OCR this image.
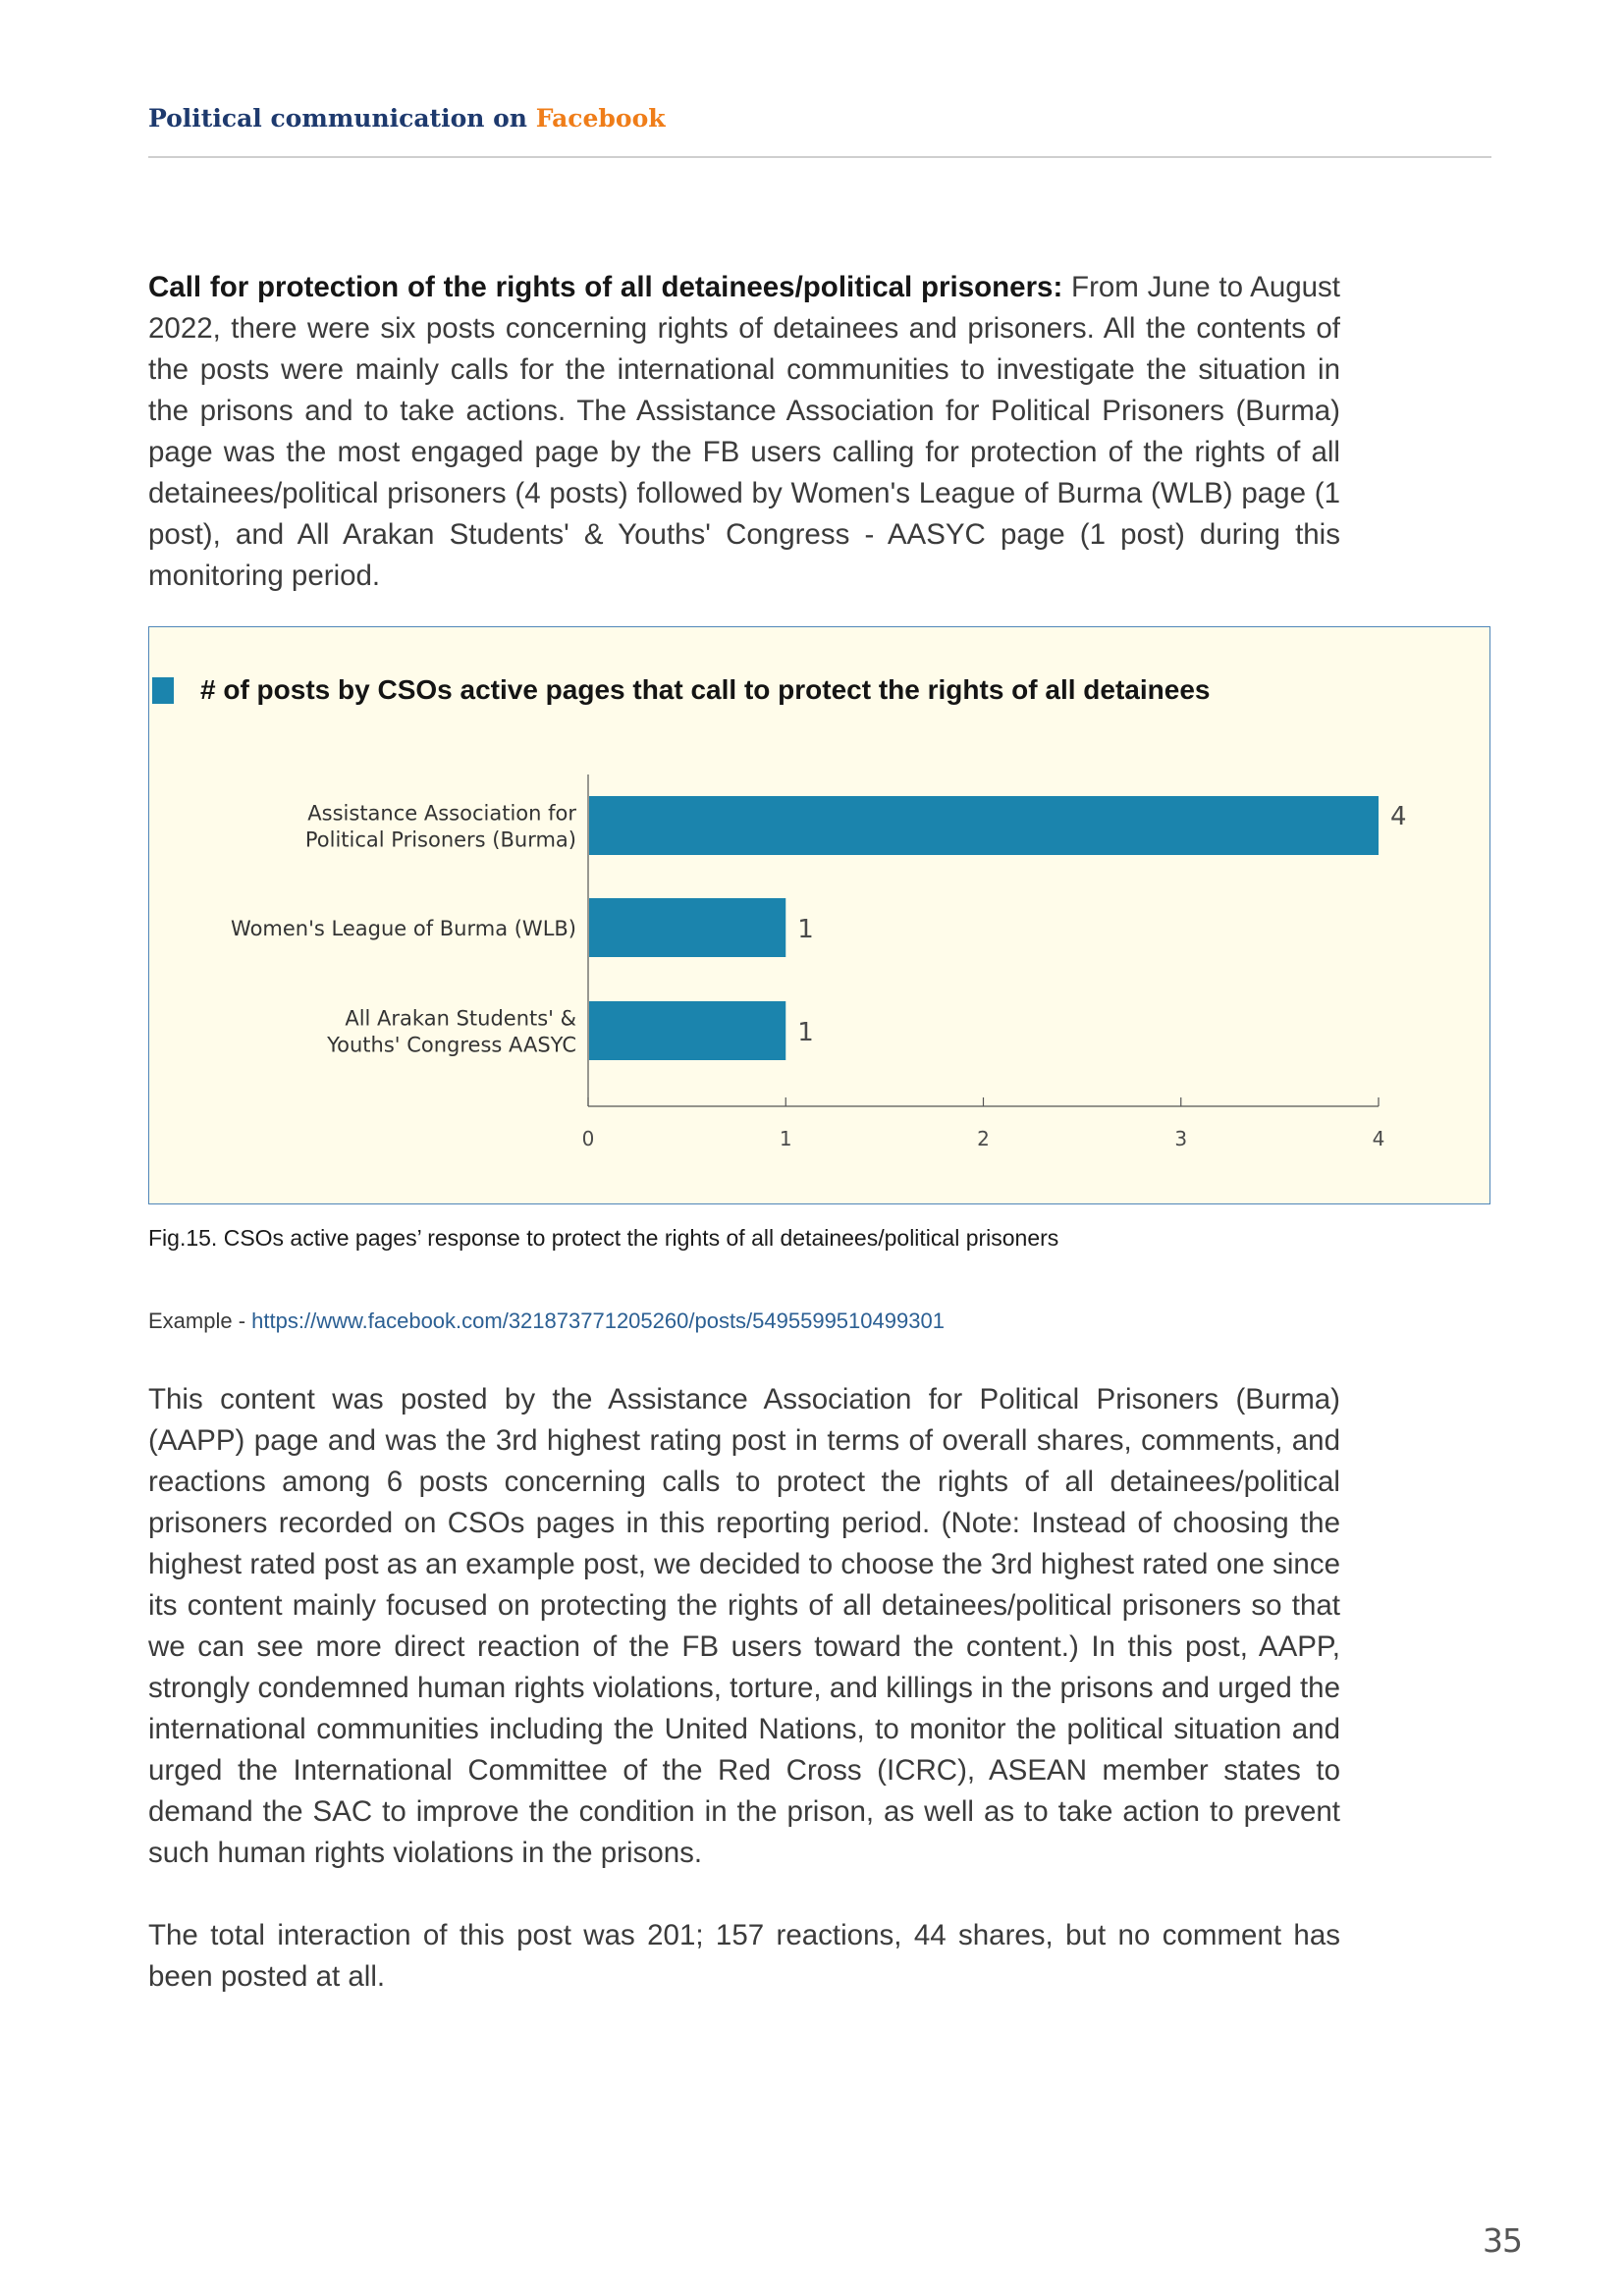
Political communication on Facebook

Call for protection of the rights of all detainees/political prisoners: From June to August 2022, there were six posts concerning rights of detainees and prisoners. All the contents of the posts were mainly calls for the international communities to investigate the situation in the prisons and to take actions. The Assistance Association for Political Prisoners (Burma) page was the most engaged page by the FB users calling for protection of the rights of all detainees/political prisoners (4 posts) followed by Women's League of Burma (WLB) page (1 post), and All Arakan Students' & Youths' Congress - AASYC page (1 post) during this monitoring period.

# of posts by CSOs active pages that call to protect the rights of all detainees
0	1	2	3	4
4
Assistance Association for
Political Prisoners (Burma)
1
Women's League of Burma (WLB)
1
All Arakan Students' &
Youths' Congress AASYC
Fig.15. CSOs active pages’ response to protect the rights of all detainees/political prisoners
Example - https://www.facebook.com/321873771205260/posts/5495599510499301

This content was posted by the Assistance Association for Political Prisoners (Burma) (AAPP) page and was the 3rd highest rating post in terms of overall shares, comments, and reactions among 6 posts concerning calls to protect the rights of all detainees/political prisoners recorded on CSOs pages in this reporting period. (Note: Instead of choosing the highest rated post as an example post, we decided to choose the 3rd highest rated one since its content mainly focused on protecting the rights of all detainees/political prisoners so that we can see more direct reaction of the FB users toward the content.) In this post, AAPP, strongly condemned human rights violations, torture, and killings in the prisons and urged the international communities including the United Nations, to monitor the political situation and urged the International Committee of the Red Cross (ICRC), ASEAN member states to demand the SAC to improve the condition in the prison, as well as to take action to prevent such human rights violations in the prisons.

The total interaction of this post was 201; 157 reactions, 44 shares, but no comment has been posted at all.

35
